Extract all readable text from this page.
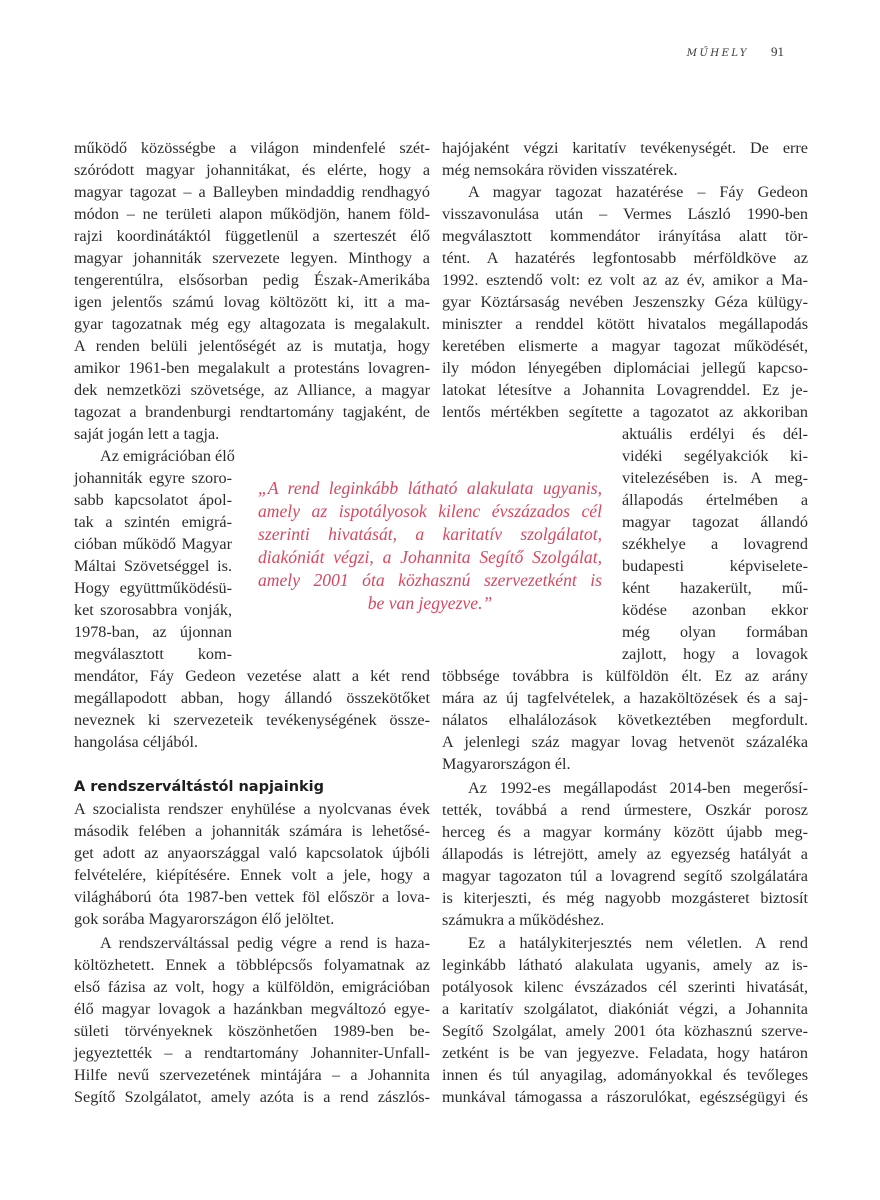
MŰHELY 91
működő közösségbe a világon mindenfelé szét-
szóródott magyar johannitákat, és elérte, hogy a
magyar tagozat – a Balleyben mindaddig rendhagyó
módon – ne területi alapon működjön, hanem föld-
rajzi koordinátáktól függetlenül a szerteszét élő
magyar johanniták szervezete legyen. Minthogy a
tengerentúlra, elsősorban pedig Észak-Amerikába
igen jelentős számú lovag költözött ki, itt a ma-
gyar tagozatnak még egy altagozata is megalakult.
A renden belüli jelentőségét az is mutatja, hogy
amikor 1961-ben megalakult a protestáns lovagren-
dek nemzetközi szövetsége, az Alliance, a magyar
tagozat a brandenburgi rendtartomány tagjaként, de
saját jogán lett a tagja.
Az emigrációban élő
johanniták egyre szoro-
sabb kapcsolatot ápol-
tak a szintén emigrá-
cióban működő Magyar
Máltai Szövetséggel is.
Hogy együttműködésü-
ket szorosabbra vonják,
1978-ban, az újonnan
megválasztott kom-
mendátor, Fáy Gedeon vezetése alatt a két rend
megállapodott abban, hogy állandó összekötőket
neveznek ki szervezeteik tevékenységének össze-
hangolása céljából.
A rendszerváltástól napjainkig
A szocialista rendszer enyhülése a nyolcvanas évek
második felében a johanniták számára is lehetősé-
get adott az anyaországgal való kapcsolatok újbóli
felvételére, kiépítésére. Ennek volt a jele, hogy a
világháború óta 1987-ben vettek föl először a lova-
gok sorába Magyarországon élő jelöltet.
A rendszerváltással pedig végre a rend is haza-
költözhetett. Ennek a többlépcsős folyamatnak az
első fázisa az volt, hogy a külföldön, emigrációban
élő magyar lovagok a hazánkban megváltozó egye-
sületi törvényeknek köszönhetően 1989-ben be-
jegyeztették – a rendtartomány Johanniter-Unfall-
Hilfe nevű szervezetének mintájára – a Johannita
Segítő Szolgálatot, amely azóta is a rend zászlós-
hajójaként végzi karitatív tevékenységét. De erre
még nemsokára röviden visszatérek.
A magyar tagozat hazatérése – Fáy Gedeon
visszavonulása után – Vermes László 1990-ben
megválasztott kommendátor irányítása alatt tör-
tént. A hazatérés legfontosabb mérföldköve az
1992. esztendő volt: ez volt az az év, amikor a Ma-
gyar Köztársaság nevében Jeszenszky Géza külügy-
miniszter a renddel kötött hivatalos megállapodás
keretében elismerte a magyar tagozat működését,
ily módon lényegében diplomáciai jellegű kapcso-
latokat létesítve a Johannita Lovagrenddel. Ez je-
lentős mértékben segítette a tagozatot az akkoriban
aktuális erdélyi és dél-
vidéki segélyakciók ki-
vitelezésében is. A meg-
állapodás értelmében a
magyar tagozat állandó
székhelye a lovagrend
budapesti képviselete-
ként hazakerült, mű-
ködése azonban ekkor
még olyan formában
zajlott, hogy a lovagok
többsége továbbra is külföldön élt. Ez az arány
mára az új tagfelvételek, a hazaköltözések és a saj-
nálatos elhalálozások következtében megfordult.
A jelenlegi száz magyar lovag hetvenöt százaléka
Magyarországon él.
Az 1992-es megállapodást 2014-ben megerősí-
tették, továbbá a rend úrmestere, Oszkár porosz
herceg és a magyar kormány között újabb meg-
állapodás is létrejött, amely az egyezség hatályát a
magyar tagozaton túl a lovagrend segítő szolgálatára
is kiterjeszti, és még nagyobb mozgásteret biztosít
számukra a működéshez.
Ez a hatálykiterjesztés nem véletlen. A rend
leginkább látható alakulata ugyanis, amely az is-
potályosok kilenc évszázados cél szerinti hivatását,
a karitatív szolgálatot, diakóniát végzi, a Johannita
Segítő Szolgálat, amely 2001 óta közhasznú szerve-
zetként is be van jegyezve. Feladata, hogy határon
innen és túl anyagilag, adományokkal és tevőleges
munkával támogassa a rászorulókat, egészségügyi és
„A rend leginkább látható alakulata ugyanis,
amely az ispotályosok kilenc évszázados cél
szerinti hivatását, a karitatív szolgálatot,
diakóniát végzi, a Johannita Segítő Szolgálat,
amely 2001 óta közhasznú szervezetként is
be van jegyezve.”
